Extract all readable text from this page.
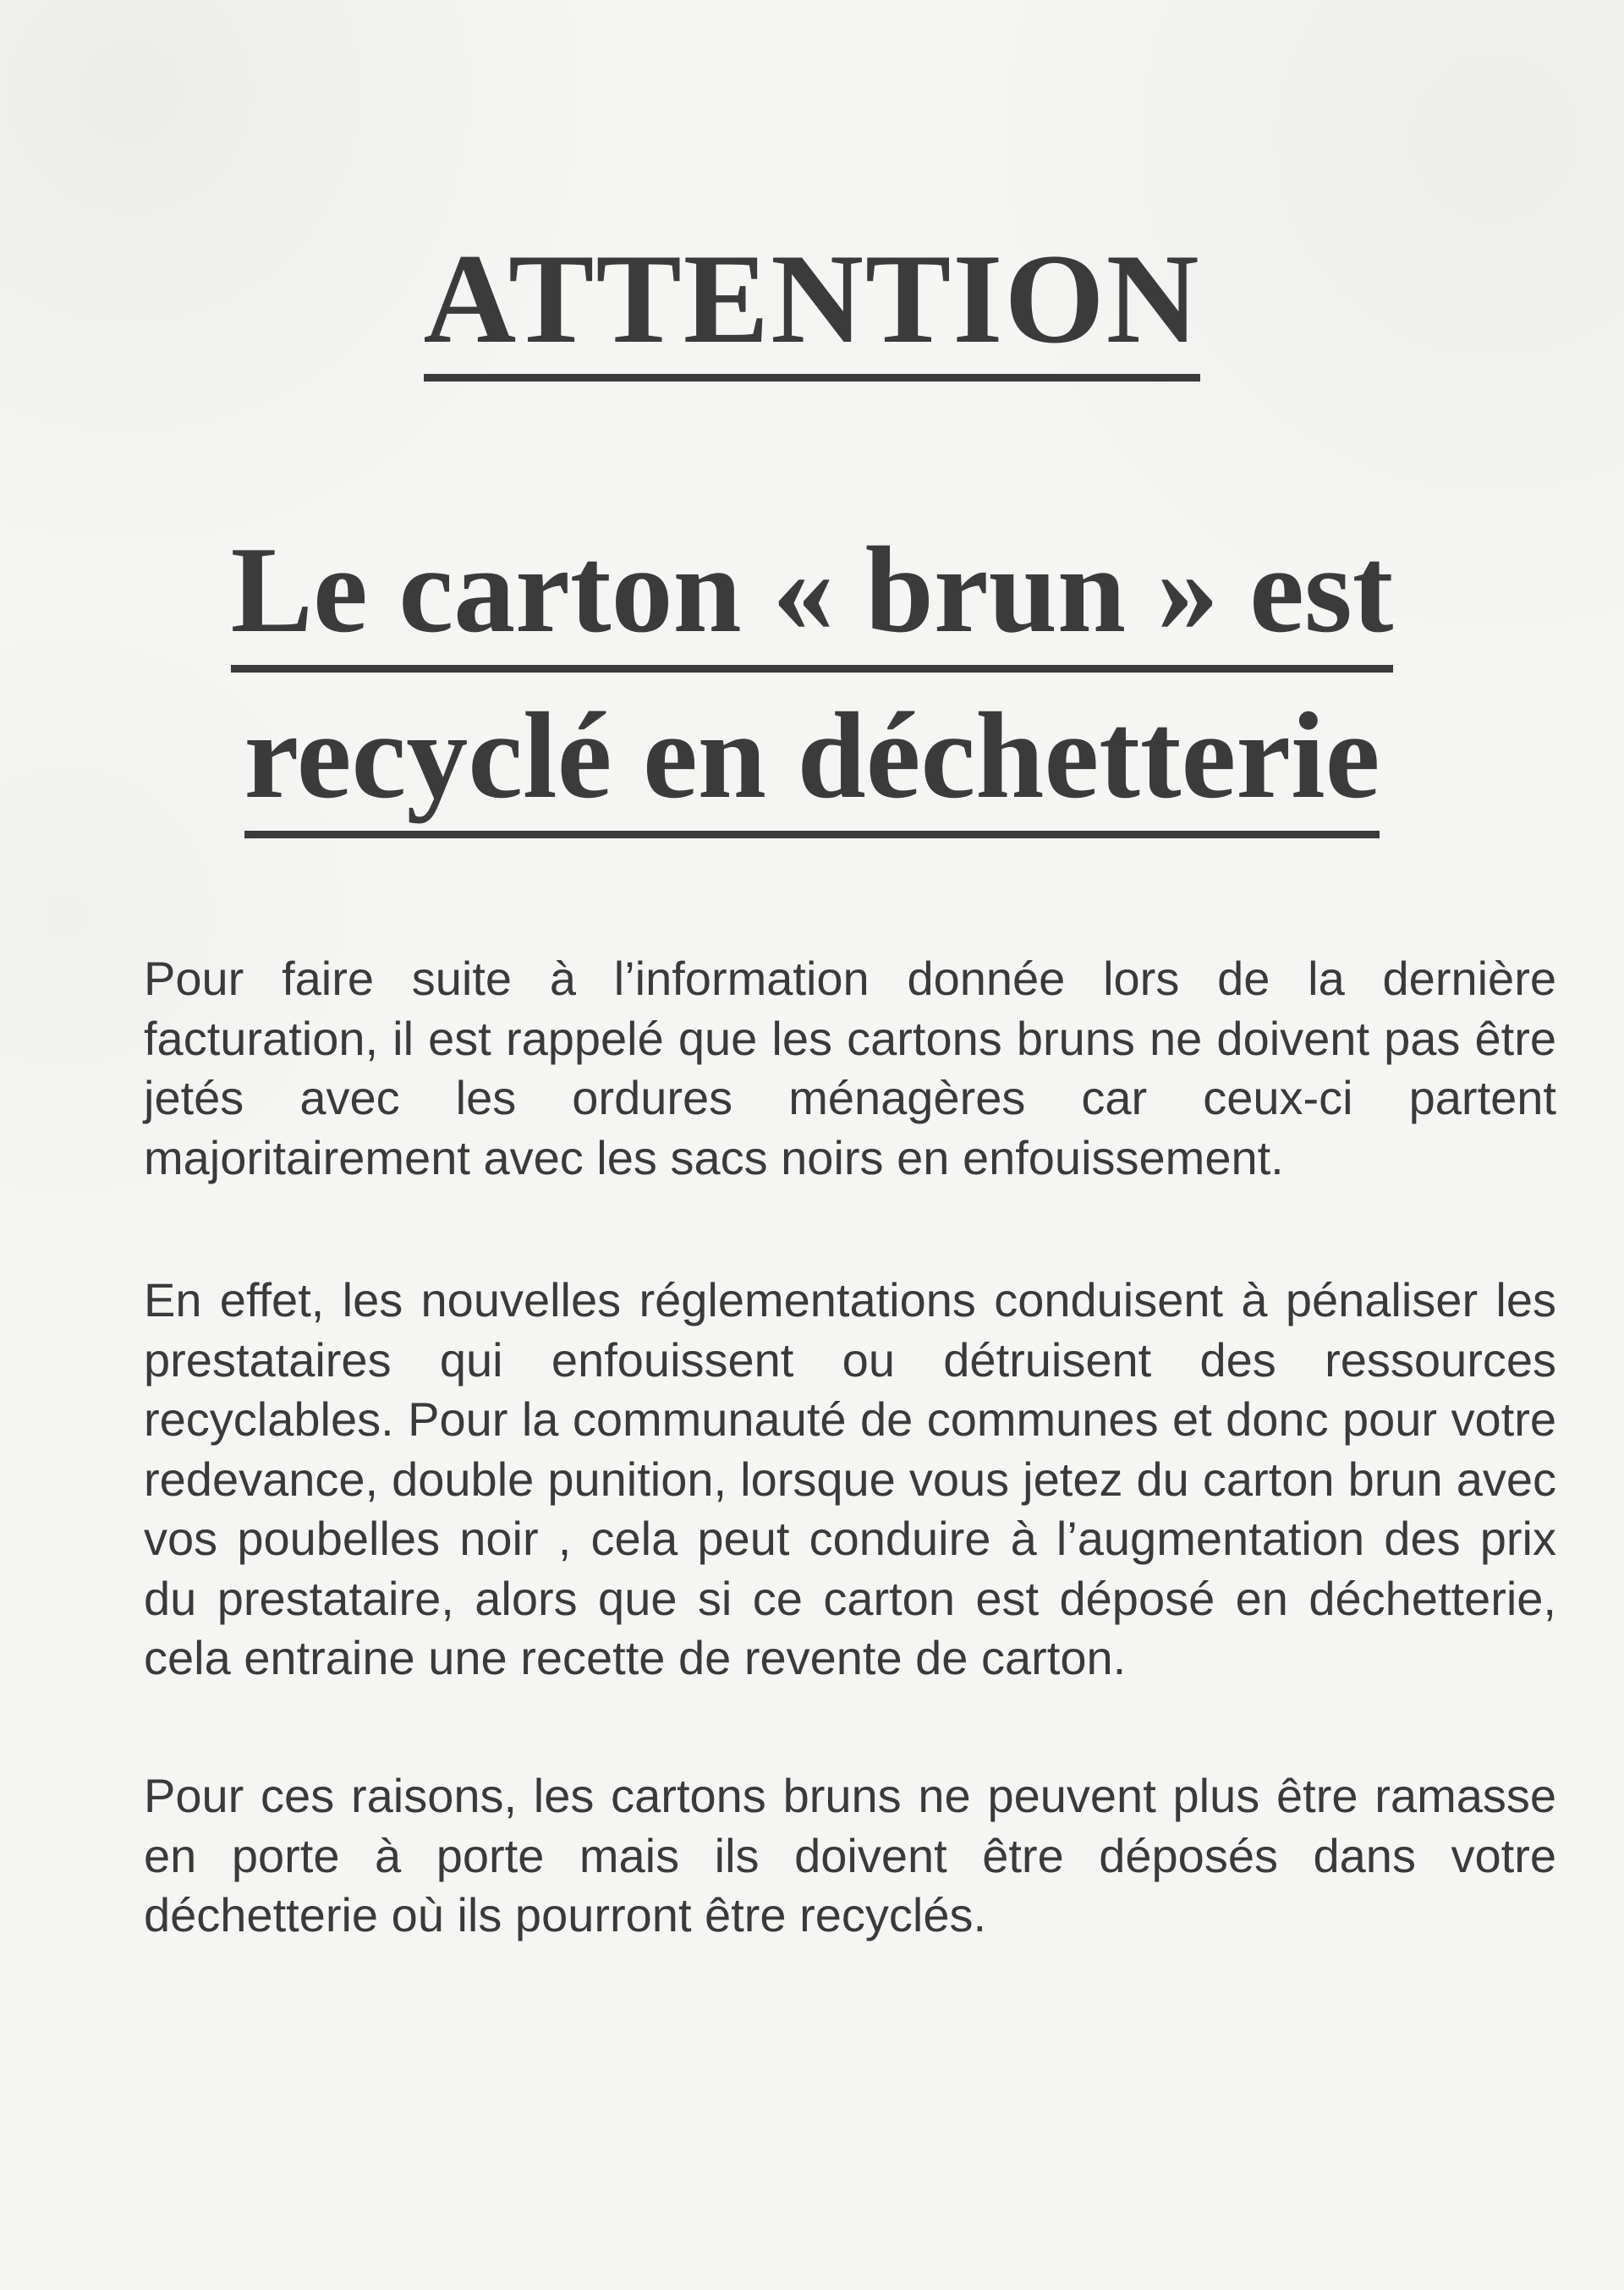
ATTENTION
Le carton « brun » est
recyclé en déchetterie

Pour faire suite à l’information donnée lors de la dernière facturation, il est rappelé que les cartons bruns ne doivent pas être jetés avec les ordures ménagères car ceux-ci partent majoritairement avec les sacs noirs en enfouissement.

En effet, les nouvelles réglementations conduisent à pénaliser les prestataires qui enfouissent ou détruisent des ressources recyclables. Pour la communauté de communes et donc pour votre redevance, double punition, lorsque vous jetez du carton brun avec vos poubelles noir , cela peut conduire à l’augmentation des prix du prestataire, alors que si ce carton est déposé en déchetterie, cela entraine une recette de revente de carton.

Pour ces raisons, les cartons bruns ne peuvent plus être ramasse en porte à porte mais ils doivent être déposés dans votre déchetterie où ils pourront être recyclés.
